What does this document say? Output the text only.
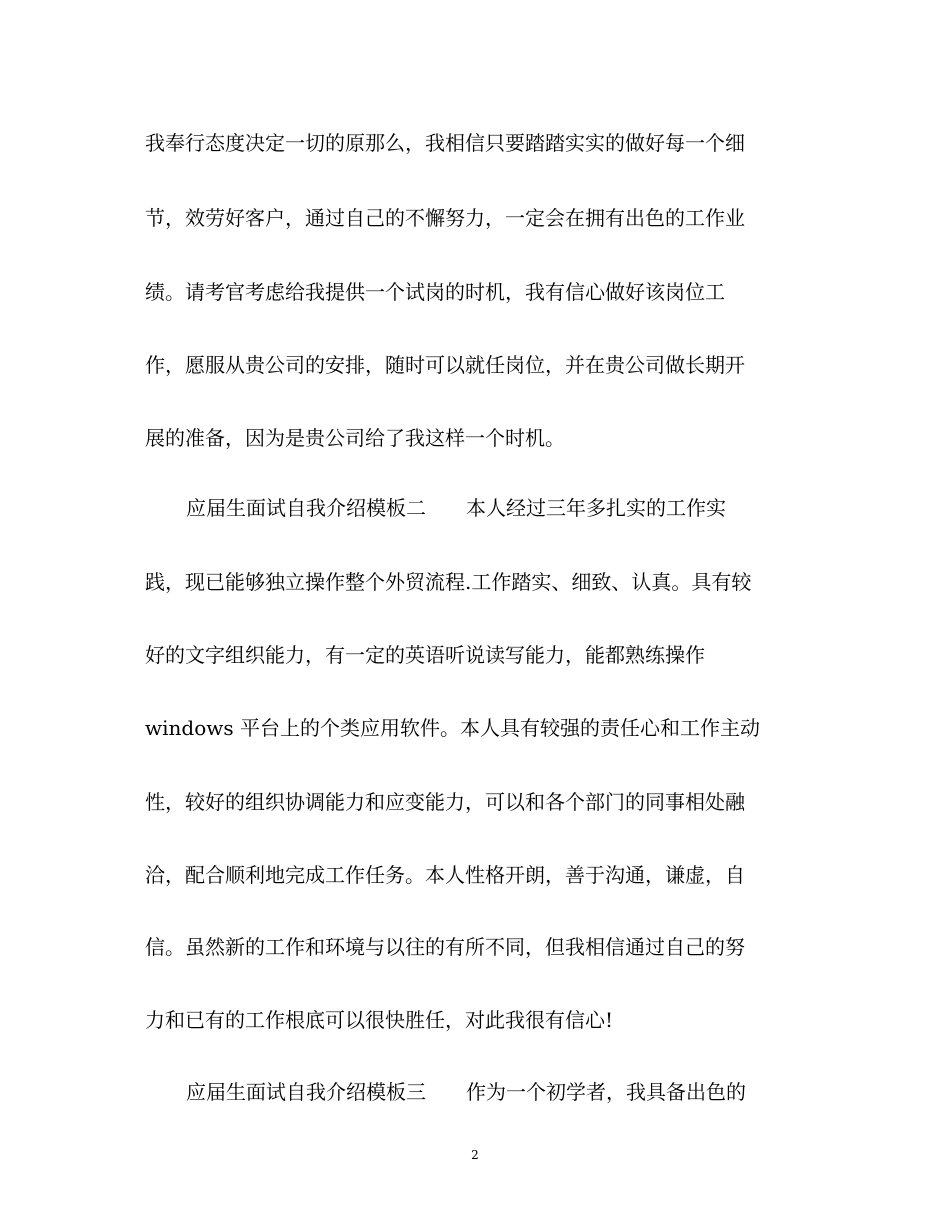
我奉行态度决定一切的原那么，我相信只要踏踏实实的做好每一个细
节，效劳好客户，通过自己的不懈努力，一定会在拥有出色的工作业
绩。请考官考虑给我提供一个试岗的时机，我有信心做好该岗位工
作，愿服从贵公司的安排，随时可以就任岗位，并在贵公司做长期开
展的准备，因为是贵公司给了我这样一个时机。
应届生面试自我介绍模板二　　本人经过三年多扎实的工作实
践，现已能够独立操作整个外贸流程.工作踏实、细致、认真。具有较
好的文字组织能力，有一定的英语听说读写能力，能都熟练操作
windows 平台上的个类应用软件。本人具有较强的责任心和工作主动
性，较好的组织协调能力和应变能力，可以和各个部门的同事相处融
洽，配合顺利地完成工作任务。本人性格开朗，善于沟通，谦虚，自
信。虽然新的工作和环境与以往的有所不同，但我相信通过自己的努
力和已有的工作根底可以很快胜任，对此我很有信心!
应届生面试自我介绍模板三　　作为一个初学者，我具备出色的
2
